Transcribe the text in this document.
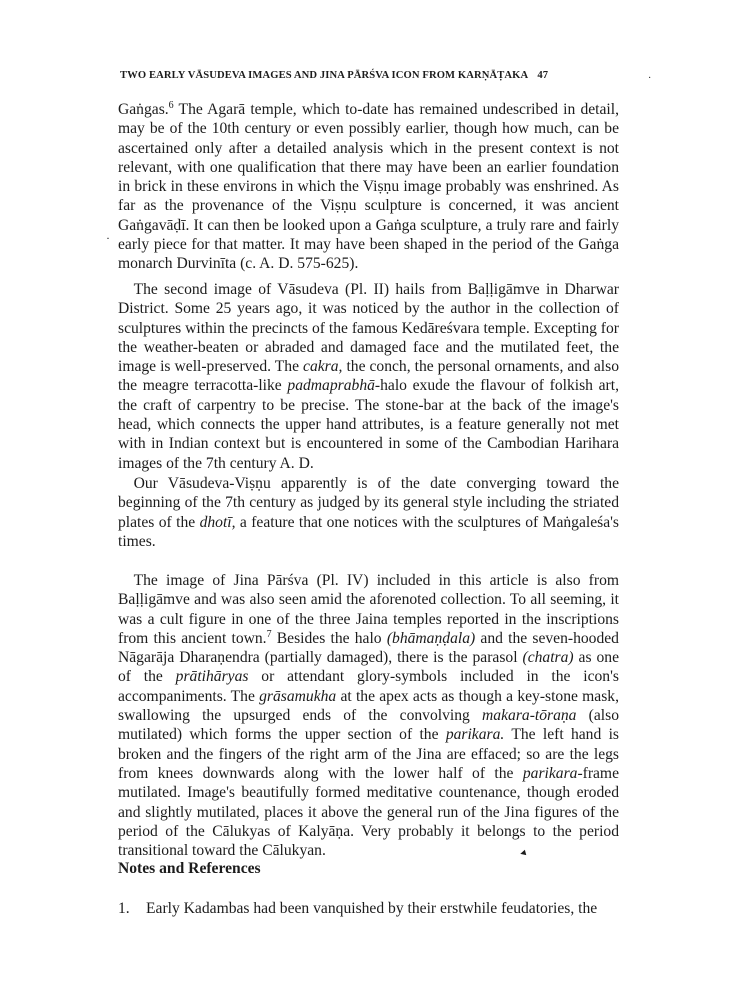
TWO EARLY VĀSUDEVA IMAGES AND JINA PĀRŚVA ICON FROM KARṆĀṬAKA 47	·
Gaṅgas.$^6$ The Agarā temple, which to-date has remained undescribed in detail, may be of the 10th century or even possibly earlier, though how much, can be ascertained only after a detailed analysis which in the present context is not relevant, with one qualification that there may have been an earlier foundation in brick in these environs in which the Viṣṇu image probably was enshrined. As far as the provenance of the Viṣṇu sculpture is concerned, it was ancient Gaṅgavāḍī. It can then be looked upon a Gaṅga sculpture, a truly rare and fairly early piece for that matter. It may have been shaped in the period of the Gaṅga monarch Durvinīta (c. A. D. 575-625).
·
 The second image of Vāsudeva (Pl. II) hails from Baḷḷigāmve in Dharwar District. Some 25 years ago, it was noticed by the author in the collection of sculptures within the precincts of the famous Kedāreśvara temple. Excepting for the weather-beaten or abraded and damaged face and the mutilated feet, the image is well-preserved. The cakra, the conch, the personal ornaments, and also the meagre terracotta-like padmaprabhā-halo exude the flavour of folkish art, the craft of carpentry to be precise. The stone-bar at the back of the image's head, which connects the upper hand attributes, is a feature generally not met with in Indian context but is encountered in some of the Cambodian Harihara images of the 7th century A. D.
 Our Vāsudeva-Viṣṇu apparently is of the date converging toward the beginning of the 7th century as judged by its general style including the striated plates of the dhotī, a feature that one notices with the sculptures of Maṅgaleśa's times.
 The image of Jina Pārśva (Pl. IV) included in this article is also from Baḷḷigāmve and was also seen amid the aforenoted collection. To all seeming, it was a cult figure in one of the three Jaina temples reported in the inscriptions from this ancient town.$^7$ Besides the halo (bhāmaṇḍala) and the seven-hooded Nāgarāja Dharaṇendra (partially damaged), there is the parasol (chatra) as one of the prātihāryas or attendant glory-symbols included in the icon's accompaniments. The grāsamukha at the apex acts as though a key-stone mask, swallowing the upsurged ends of the convolving makara-tōraṇa (also mutilated) which forms the upper section of the parikara. The left hand is broken and the fingers of the right arm of the Jina are effaced; so are the legs from knees downwards along with the lower half of the parikara-frame mutilated. Image's beautifully formed meditative countenance, though eroded and slightly mutilated, places it above the general run of the Jina figures of the period of the Cālukyas of Kalyāṇa. Very probably it belongs to the period transitional toward the Cālukyan.	◂
Notes and References
1. Early Kadambas had been vanquished by their erstwhile feudatories, the
